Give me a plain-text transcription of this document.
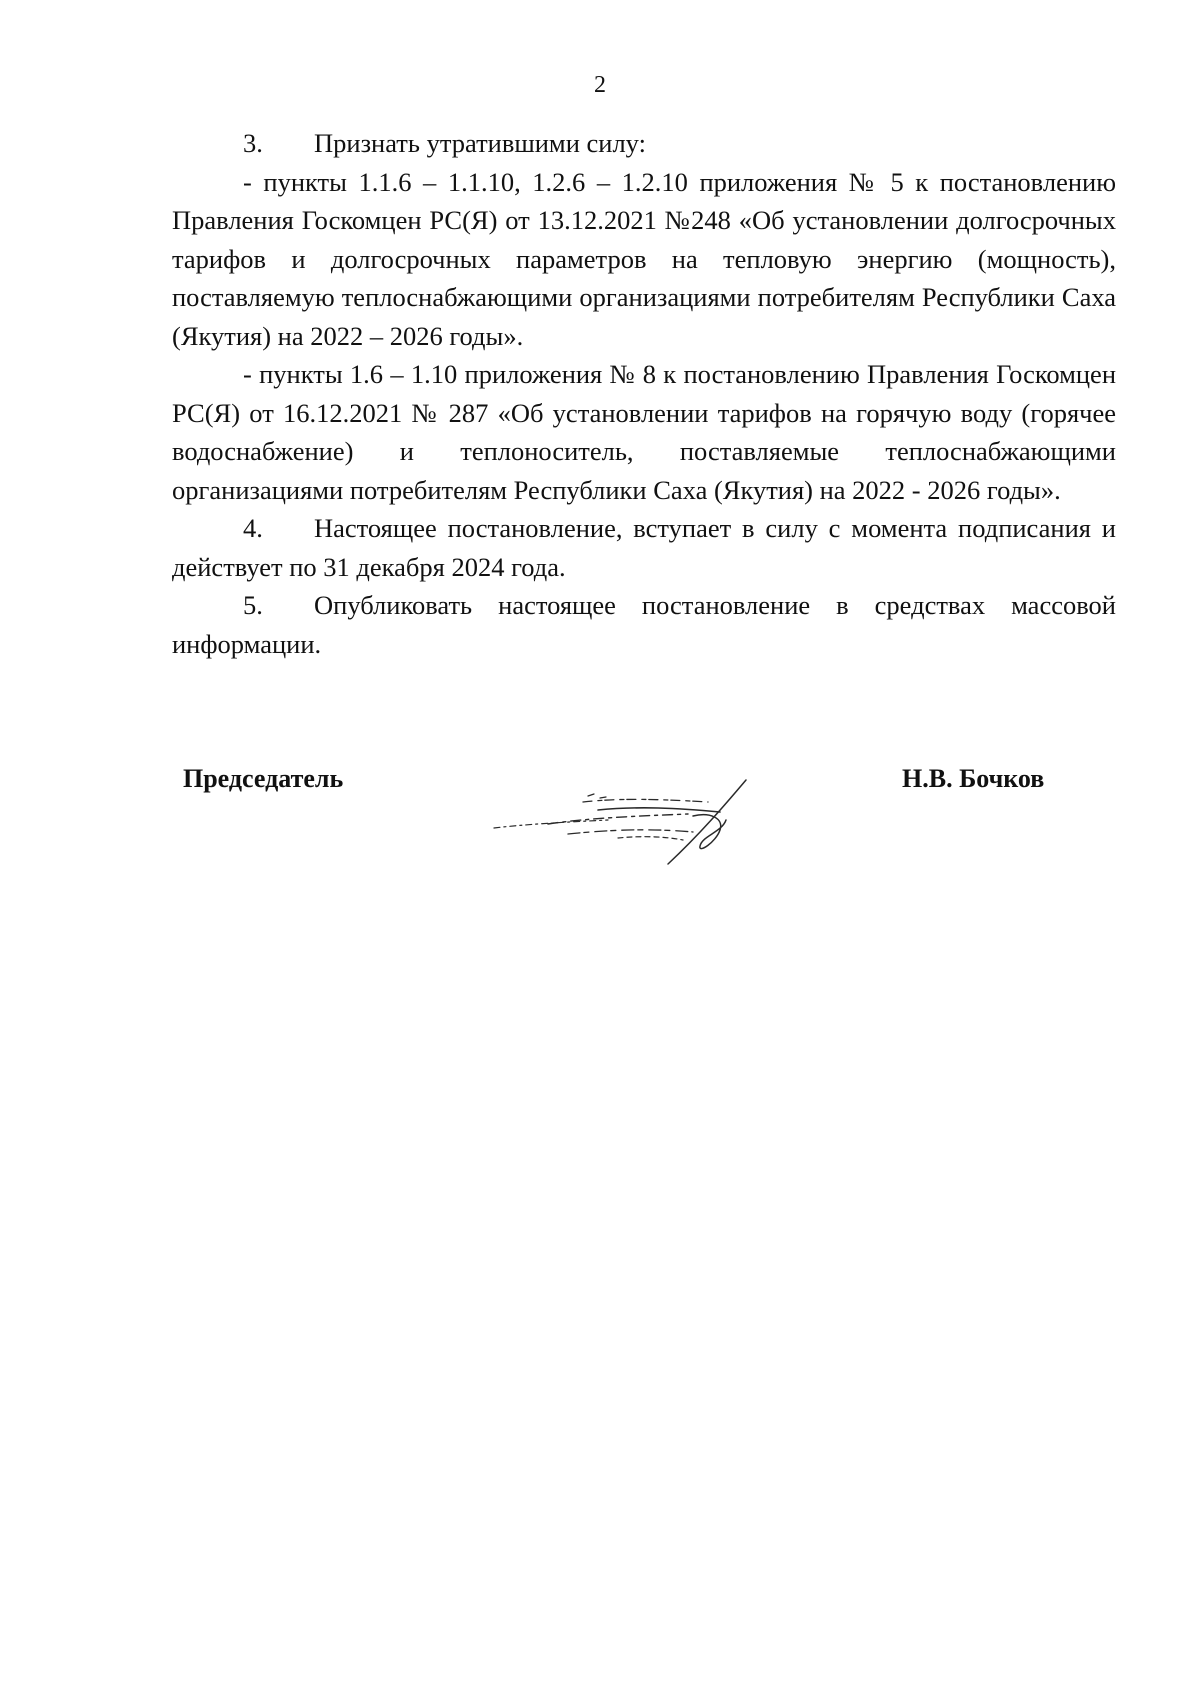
2

3. Признать утратившими силу:

- пункты 1.1.6 – 1.1.10, 1.2.6 – 1.2.10 приложения № 5 к постановлению Правления Госкомцен РС(Я) от 13.12.2021 №248 «Об установлении долгосрочных тарифов и долгосрочных параметров на тепловую энергию (мощность), поставляемую теплоснабжающими организациями потребителям Республики Саха (Якутия) на 2022 – 2026 годы».

- пункты 1.6 – 1.10 приложения № 8 к постановлению Правления Госкомцен РС(Я) от 16.12.2021 № 287 «Об установлении тарифов на горячую воду (горячее водоснабжение) и теплоноситель, поставляемые теплоснабжающими организациями потребителям Республики Саха (Якутия) на 2022 - 2026 годы».

4. Настоящее постановление, вступает в силу с момента подписания и действует по 31 декабря 2024 года.

5. Опубликовать настоящее постановление в средствах массовой информации.

Председатель	Н.В. Бочков
